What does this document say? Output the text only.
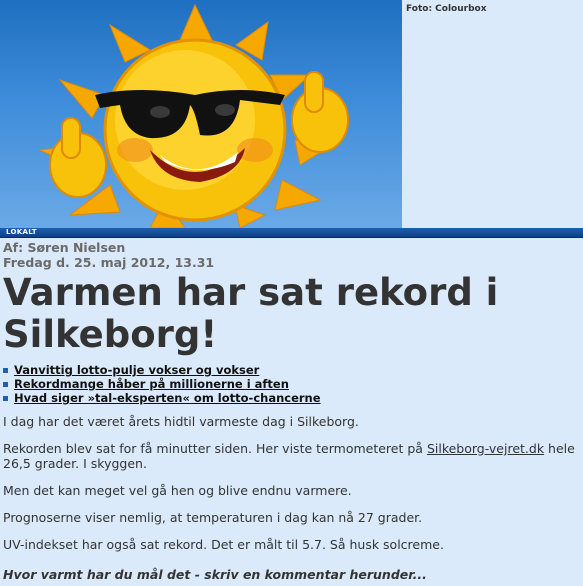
Foto: Colourbox
LOKALT
Af: Søren Nielsen
Fredag d. 25. maj 2012, 13.31
Varmen har sat rekord i Silkeborg!
Vanvittig lotto-pulje vokser og vokser
Rekordmange håber på millionerne i aften
Hvad siger »tal-eksperten« om lotto-chancerne

I dag har det været årets hidtil varmeste dag i Silkeborg.

Rekorden blev sat for få minutter siden. Her viste termometeret på Silkeborg-vejret.dk hele 26,5 grader. I skyggen.

Men det kan meget vel gå hen og blive endnu varmere.

Prognoserne viser nemlig, at temperaturen i dag kan nå 27 grader.

UV-indekset har også sat rekord. Det er målt til 5.7. Så husk solcreme.

Hvor varmt har du mål det - skriv en kommentar herunder...
